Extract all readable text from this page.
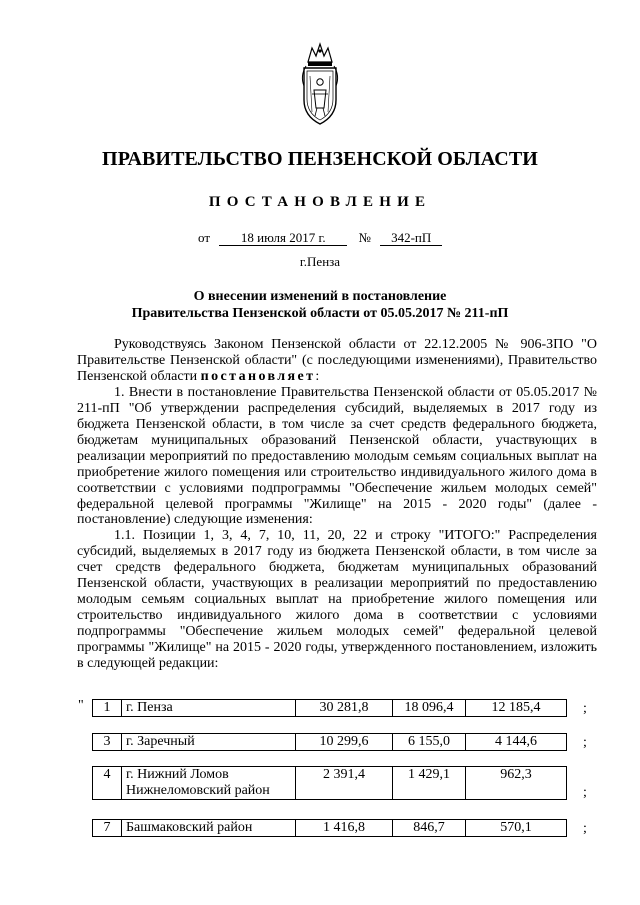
ПРАВИТЕЛЬСТВО ПЕНЗЕНСКОЙ ОБЛАСТИ
ПОСТАНОВЛЕНИЕ
от 18 июля 2017 г.	№ 342-пП
г.Пенза
О внесении изменений в постановление
Правительства Пензенской области от 05.05.2017 № 211-пП

Руководствуясь Законом Пензенской области от 22.12.2005 № 906-ЗПО "О Правительстве Пензенской области" (с последующими изменениями), Правительство Пензенской области постановляет:

1. Внести в постановление Правительства Пензенской области от 05.05.2017 № 211-пП "Об утверждении распределения субсидий, выделяемых в 2017 году из бюджета Пензенской области, в том числе за счет средств федерального бюджета, бюджетам муниципальных образований Пензенской области, участвующих в реализации мероприятий по предоставлению молодым семьям социальных выплат на приобретение жилого помещения или строительство индивидуального жилого дома в соответствии с условиями подпрограммы "Обеспечение жильем молодых семей" федеральной целевой программы "Жилище" на 2015 - 2020 годы" (далее - постановление) следующие изменения:

1.1. Позиции 1, 3, 4, 7, 10, 11, 20, 22 и строку "ИТОГО:" Распределения субсидий, выделяемых в 2017 году из бюджета Пензенской области, в том числе за счет средств федерального бюджета, бюджетам муниципальных образований Пензенской области, участвующих в реализации мероприятий по предоставлению молодым семьям социальных выплат на приобретение жилого помещения или строительство индивидуального жилого дома в соответствии с условиями подпрограммы "Обеспечение жильем молодых семей" федеральной целевой программы "Жилище" на 2015 - 2020 годы, утвержденного постановлением, изложить в следующей редакции:

" 1	г. Пенза	30 281,8	18 096,4	12 185,4	;
3	г. Заречный	10 299,6	6 155,0	4 144,6	;
4	г. Нижний Ломов Нижнеломовский район	2 391,4	1 429,1	962,3
;
7	Башмаковский район	1 416,8	846,7	570,1	;
